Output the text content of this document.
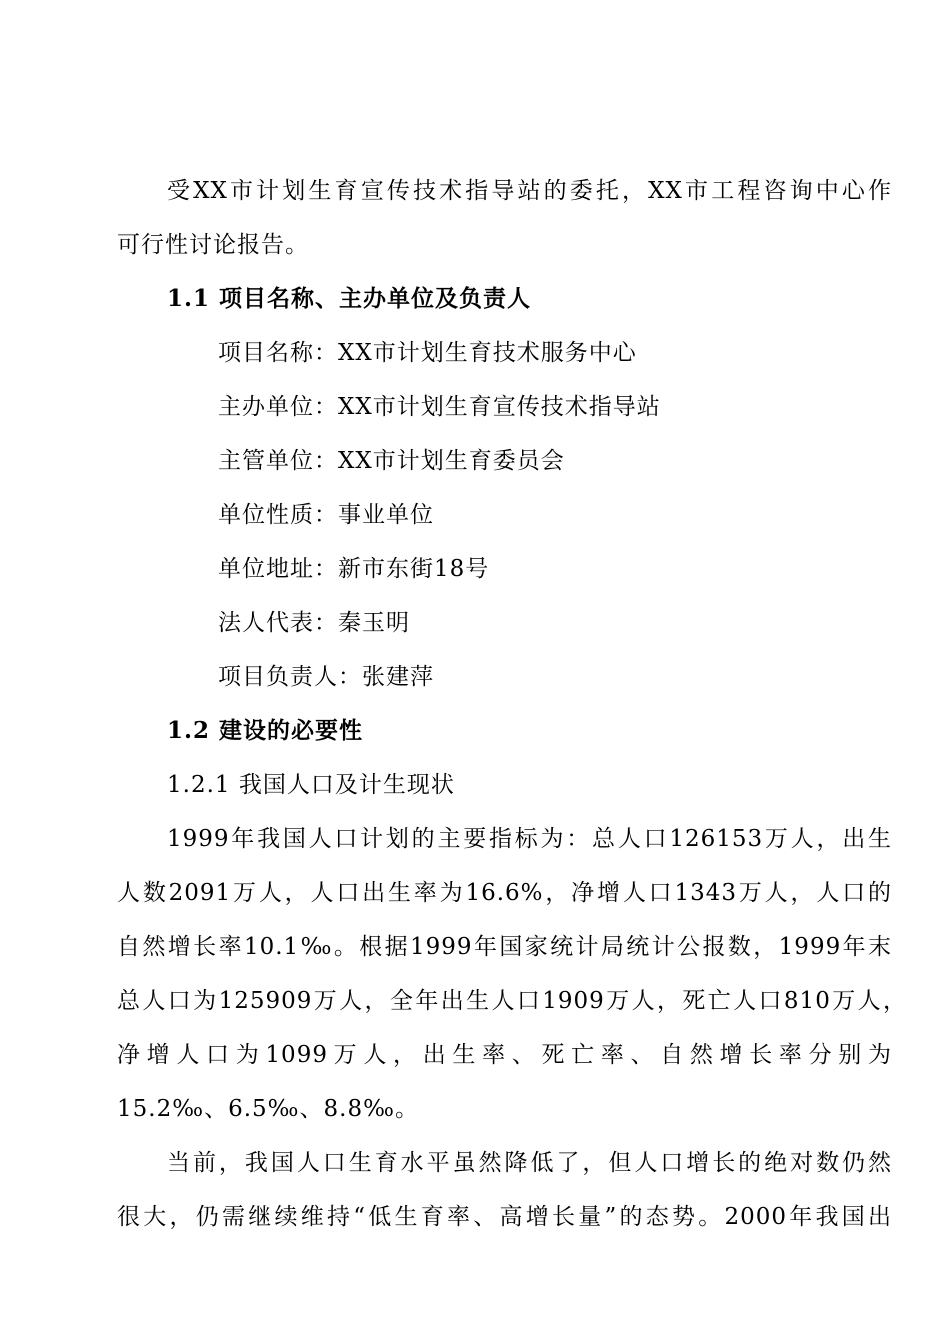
受XX市计划生育宣传技术指导站的委托，XX市工程咨询中心作
可行性讨论报告。
1.1 项目名称、主办单位及负责人
项目名称：XX市计划生育技术服务中心
主办单位：XX市计划生育宣传技术指导站
主管单位：XX市计划生育委员会
单位性质：事业单位
单位地址：新市东街18号
法人代表：秦玉明
项目负责人：张建萍
1.2 建设的必要性
1.2.1 我国人口及计生现状
1999年我国人口计划的主要指标为：总人口126153万人，出生
人数2091万人，人口出生率为16.6%，净增人口1343万人，人口的
自然增长率10.1‰。根据1999年国家统计局统计公报数，1999年末
总人口为125909万人，全年出生人口1909万人，死亡人口810万人，
净增人口为1099万人，出生率、死亡率、自然增长率分别为
15.2‰、6.5‰、8.8‰。
当前，我国人口生育水平虽然降低了，但人口增长的绝对数仍然
很大，仍需继续维持“低生育率、高增长量”的态势。2000年我国出
